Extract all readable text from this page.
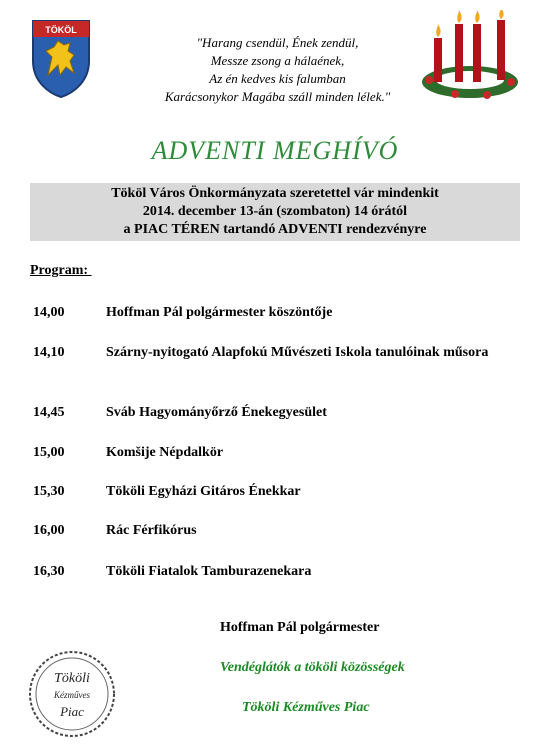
TÖKÖL
"Harang csendül, Ének zendül,
Messze zsong a hálaének,
Az én kedves kis falumban
Karácsonykor Magába száll minden lélek."
ADVENTI MEGHÍVÓ
Tököl Város Önkormányzata szeretettel vár mindenkit
2014. december 13-án (szombaton) 14 órától
a PIAC TÉREN tartandó ADVENTI rendezvényre
Program:
14,00	Hoffman Pál polgármester köszöntője
14,10	Szárny-nyitogató Alapfokú Művészeti Iskola tanulóinak műsora
14,45	Sváb Hagyományőrző Énekegyesület
15,00	Komšije Népdalkör
15,30	Tököli Egyházi Gitáros Énekkar
16,00	Rác Férfikórus
16,30	Tököli Fiatalok Tamburazenekara
Hoffman Pál polgármester
Vendéglátók a tököli közösségek
Tököli Kézműves Piac
Tököli
Kézműves
Piac
